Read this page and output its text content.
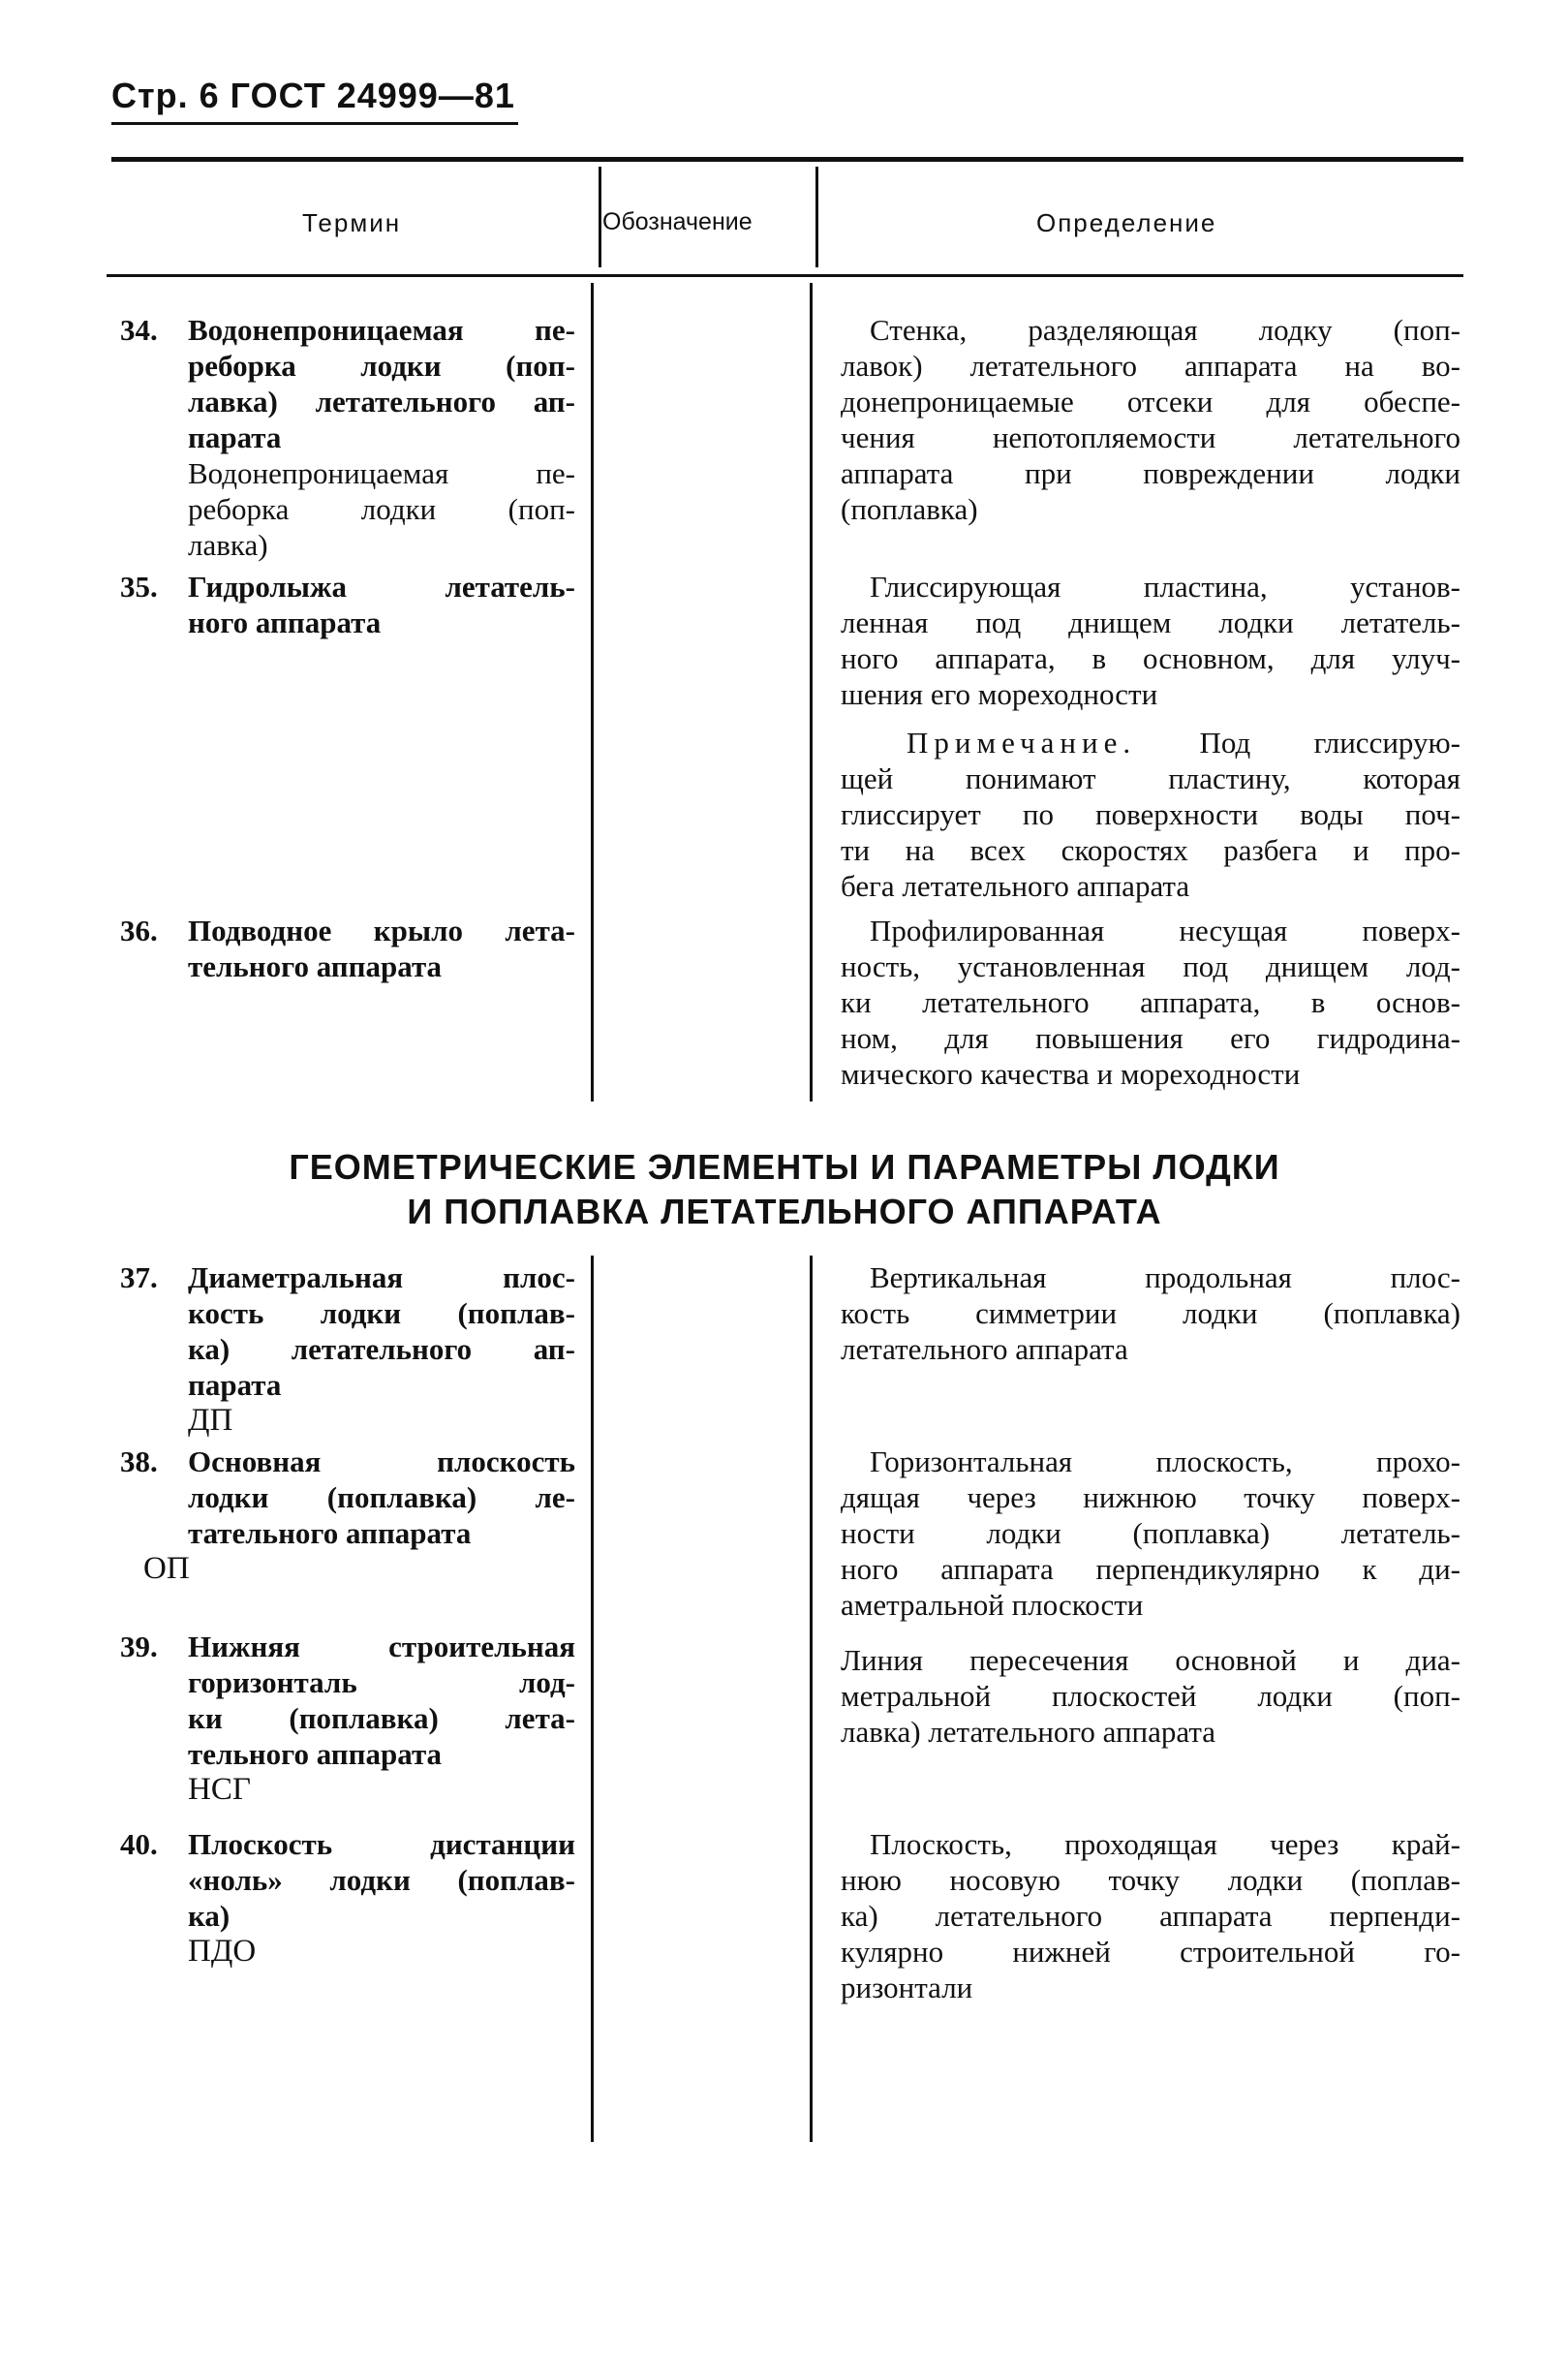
Стр. 6 ГОСТ 24999—81
Термин	Обозначение	Определение
34. Водонепроницаемая пе-
реборка лодки (поп-
лавка) летательного ап-
парата
Водонепроницаемая пе-
реборка лодки (поп-
лавка)
Стенка, разделяющая лодку (поп-
лавок) летательного аппарата на во-
донепроницаемые отсеки для обеспе-
чения непотопляемости летательного
аппарата при повреждении лодки
(поплавка)
35. Гидролыжа летатель-
ного аппарата
Глиссирующая пластина, установ-
ленная под днищем лодки летатель-
ного аппарата, в основном, для улуч-
шения его мореходности
Примечание. Под глиссирую-
щей понимают пластину, которая
глиссирует по поверхности воды поч-
ти на всех скоростях разбега и про-
бега летательного аппарата
36. Подводное крыло лета-
тельного аппарата
Профилированная несущая поверх-
ность, установленная под днищем лод-
ки летательного аппарата, в основ-
ном, для повышения его гидродина-
мического качества и мореходности
ГЕОМЕТРИЧЕСКИЕ ЭЛЕМЕНТЫ И ПАРАМЕТРЫ ЛОДКИ
И ПОПЛАВКА ЛЕТАТЕЛЬНОГО АППАРАТА
37. Диаметральная плос-
кость лодки (поплав-
ка) летательного ап-
парата
ДП
Вертикальная продольная плос-
кость симметрии лодки (поплавка)
летательного аппарата
38. Основная плоскость
лодки (поплавка) ле-
тательного аппарата
ОП
Горизонтальная плоскость, прохо-
дящая через нижнюю точку поверх-
ности лодки (поплавка) летатель-
ного аппарата перпендикулярно к ди-
аметральной плоскости
39. Нижняя строительная
горизонталь лод-
ки (поплавка) лета-
тельного аппарата
НСГ
Линия пересечения основной и диа-
метральной плоскостей лодки (поп-
лавка) летательного аппарата
40. Плоскость дистанции
«ноль» лодки (поплав-
ка)
ПДО
Плоскость, проходящая через край-
нюю носовую точку лодки (поплав-
ка) летательного аппарата перпенди-
кулярно нижней строительной го-
ризонтали
